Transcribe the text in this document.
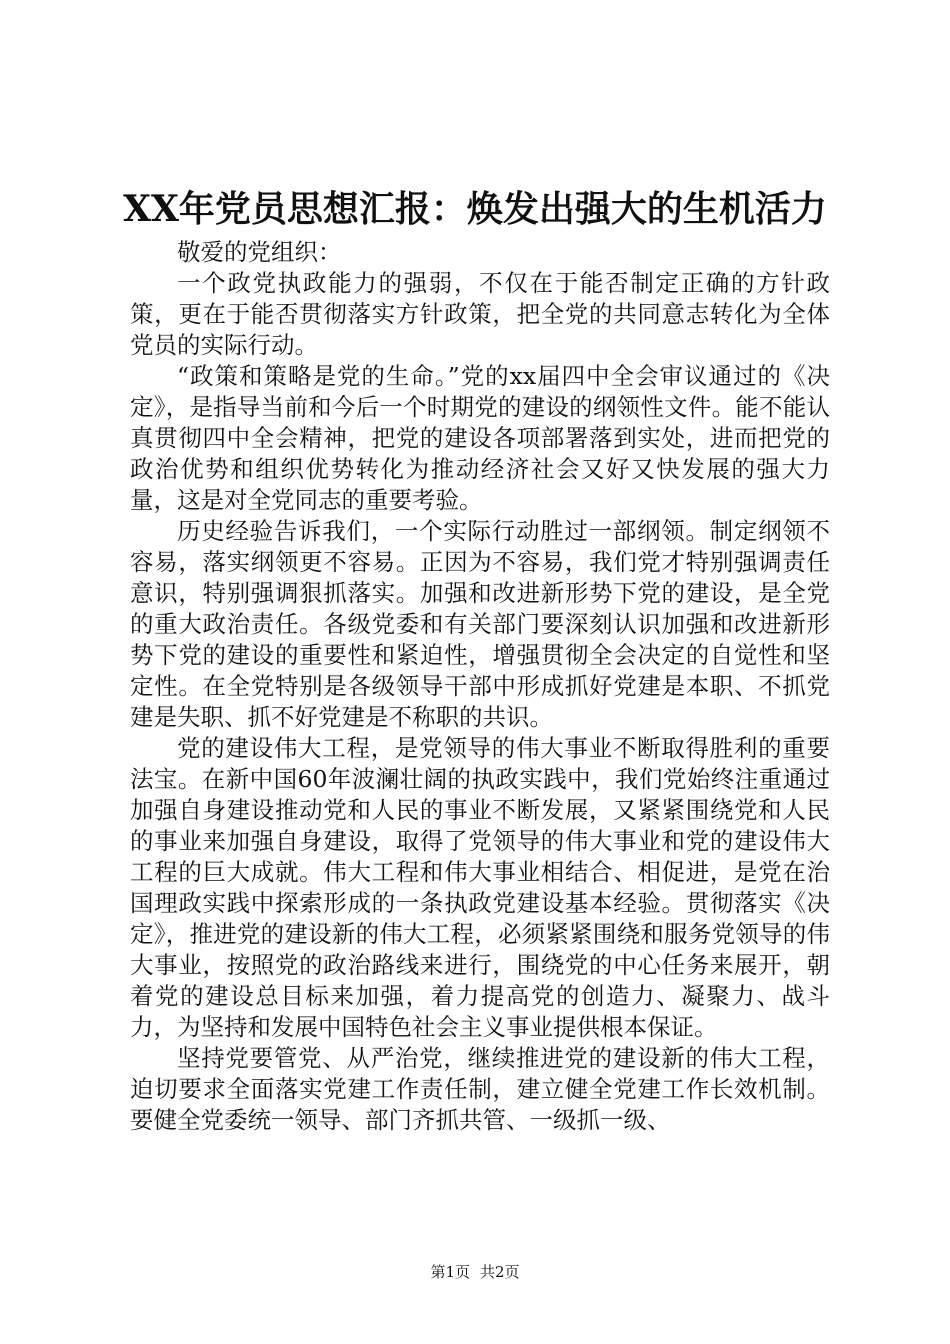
XX年党员思想汇报：焕发出强大的生机活力

敬爱的党组织：

一个政党执政能力的强弱，不仅在于能否制定正确的方针政策，更在于能否贯彻落实方针政策，把全党的共同意志转化为全体党员的实际行动。

“政策和策略是党的生命。”党的xx届四中全会审议通过的《决定》，是指导当前和今后一个时期党的建设的纲领性文件。能不能认真贯彻四中全会精神，把党的建设各项部署落到实处，进而把党的政治优势和组织优势转化为推动经济社会又好又快发展的强大力量，这是对全党同志的重要考验。

历史经验告诉我们，一个实际行动胜过一部纲领。制定纲领不容易，落实纲领更不容易。正因为不容易，我们党才特别强调责任意识，特别强调狠抓落实。加强和改进新形势下党的建设，是全党的重大政治责任。各级党委和有关部门要深刻认识加强和改进新形势下党的建设的重要性和紧迫性，增强贯彻全会决定的自觉性和坚定性。在全党特别是各级领导干部中形成抓好党建是本职、不抓党建是失职、抓不好党建是不称职的共识。

党的建设伟大工程，是党领导的伟大事业不断取得胜利的重要法宝。在新中国60年波澜壮阔的执政实践中，我们党始终注重通过加强自身建设推动党和人民的事业不断发展，又紧紧围绕党和人民的事业来加强自身建设，取得了党领导的伟大事业和党的建设伟大工程的巨大成就。伟大工程和伟大事业相结合、相促进，是党在治国理政实践中探索形成的一条执政党建设基本经验。贯彻落实《决定》，推进党的建设新的伟大工程，必须紧紧围绕和服务党领导的伟大事业，按照党的政治路线来进行，围绕党的中心任务来展开，朝着党的建设总目标来加强，着力提高党的创造力、凝聚力、战斗力，为坚持和发展中国特色社会主义事业提供根本保证。

坚持党要管党、从严治党，继续推进党的建设新的伟大工程，迫切要求全面落实党建工作责任制，建立健全党建工作长效机制。要健全党委统一领导、部门齐抓共管、一级抓一级、

第1页 共2页
